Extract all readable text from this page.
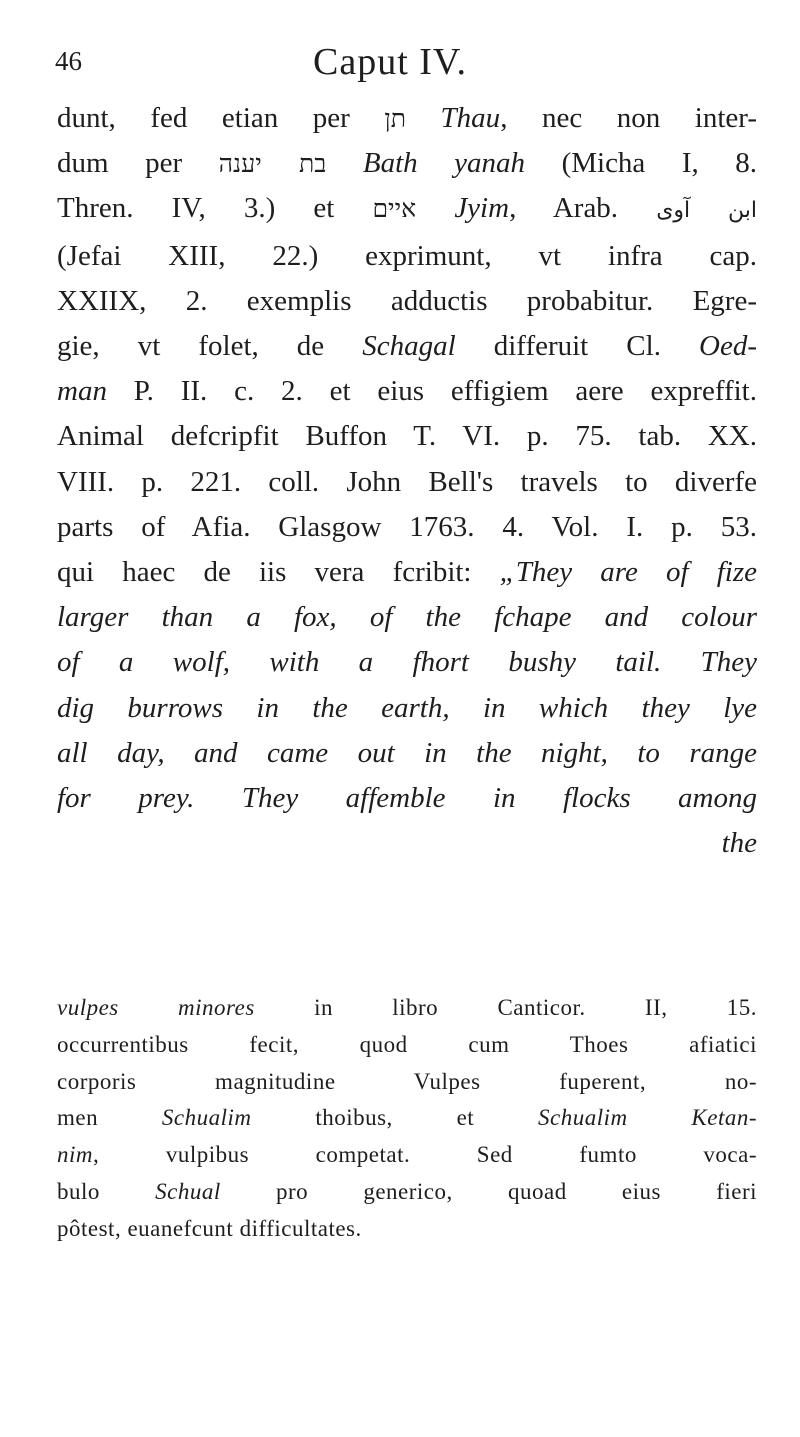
46	Caput IV.
dunt, fed etian per תן Thau, nec non inter-
dum per בת יענה Bath yanah (Micha I, 8.
Thren. IV, 3.) et איים Jyim, Arab. ابن آوى
(Jefai XIII, 22.) exprimunt, vt infra cap.
XXIIX, 2. exemplis adductis probabitur. Egre-
gie, vt folet, de Schagal differuit Cl. Oed-
man P. II. c. 2. et eius effigiem aere expreffit.
Animal defcripfit Buffon T. VI. p. 75. tab. XX.
VIII. p. 221. coll. John Bell's travels to diverfe
parts of Afia. Glasgow 1763. 4. Vol. I. p. 53.
qui haec de iis vera fcribit: „They are of fize
larger than a fox, of the fchape and colour
of a wolf, with a fhort bushy tail. They
dig burrows in the earth, in which they lye
all day, and came out in the night, to range
for prey. They affemble in flocks among
the
vulpes minores in libro Canticor. II, 15.
occurrentibus fecit, quod cum Thoes afiatici
corporis magnitudine Vulpes fuperent, no-
men Schualim thoibus, et Schualim Ketan-
nim, vulpibus competat. Sed fumto voca-
bulo Schual pro generico, quoad eius fieri
pôtest, euanefcunt difficultates.
